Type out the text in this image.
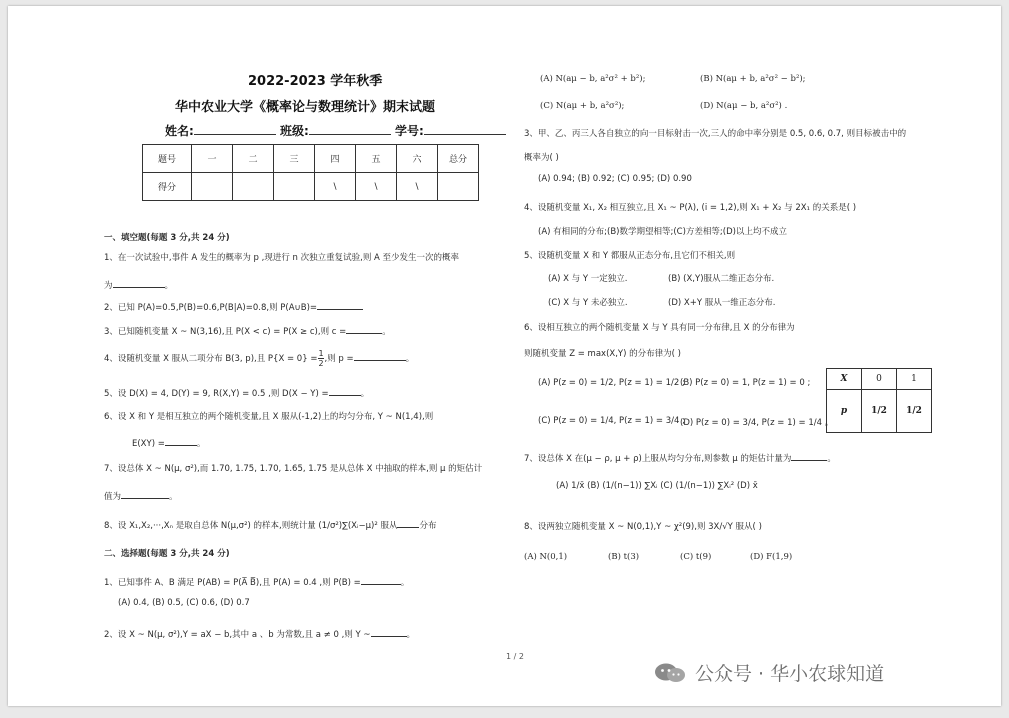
2022-2023 学年秋季
华中农业大学《概率论与数理统计》期末试题
姓名:	班级:	学号:
题号	一	二	三	四	五	六	总分
得分				\	\	\	
一、填空题(每题 3 分,共 24 分)
1、在一次试验中,事件 A 发生的概率为 p ,现进行 n 次独立重复试验,则 A 至少发生一次的概率
为	。
2、已知 P(A)=0.5,P(B)=0.6,P(B|A)=0.8,则 P(A∪B)=
3、已知随机变量 X ~ N(3,16),且 P(X < c) = P(X ≥ c),则 c =	。
4、设随机变量 X 服从二项分布 B(3, p),且 $P\{X = 0\} = \frac{1}{2}$ ,则 p =	。
5、设 D(X) = 4, D(Y) = 9, R(X,Y) = 0.5 ,则 D(X − Y) =	。
6、设 X 和 Y 是相互独立的两个随机变量,且 X 服从(-1,2)上的均匀分布, Y ~ N(1,4),则
E(XY) =	。
7、设总体 X ~ N(μ, σ²),而 1.70, 1.75, 1.70, 1.65, 1.75 是从总体 X 中抽取的样本,则 μ 的矩估计
值为	。
8、设 X₁,X₂,···,Xₙ 是取自总体 N(μ,σ²) 的样本,则统计量 (1/σ²)∑(Xᵢ−μ)² 服从	分布
二、选择题(每题 3 分,共 24 分)
1、已知事件 A、B 满足 P(AB) = P(A̅ B̅),且 P(A) = 0.4 ,则 P(B) =	。
(A) 0.4, (B) 0.5, (C) 0.6, (D) 0.7
2、设 X ~ N(μ, σ²),Y = aX − b,其中 a 、b 为常数,且 a ≠ 0 ,则 Y ~	。
(A) N(aμ − b, a²σ² + b²);	(B) N(aμ + b, a²σ² − b²);
(C) N(aμ + b, a²σ²);	(D) N(aμ − b, a²σ²) .
3、甲、乙、丙三人各自独立的向一目标射击一次,三人的命中率分别是 0.5, 0.6, 0.7, 则目标被击中的
概率为( )
(A) 0.94; (B) 0.92; (C) 0.95; (D) 0.90
4、设随机变量 X₁, X₂ 相互独立,且 X₁ ~ P(λ), (i = 1,2),则 X₁ + X₂ 与 2X₁ 的关系是( )
(A) 有相同的分布;(B)数学期望相等;(C)方差相等;(D)以上均不成立
5、设随机变量 X 和 Y 都服从正态分布,且它们不相关,则
(A) X 与 Y 一定独立.	(B) (X,Y)服从二维正态分布.
(C) X 与 Y 未必独立.	(D) X+Y 服从一维正态分布.
6、设相互独立的两个随机变量 X 与 Y 具有同一分布律,且 X 的分布律为
则随机变量 Z = max(X,Y) 的分布律为( )
(A) P(z = 0) = 1/2, P(z = 1) = 1/2 ;
(B) P(z = 0) = 1, P(z = 1) = 0 ;
(C) P(z = 0) = 1/4, P(z = 1) = 3/4 ;
(D) P(z = 0) = 3/4, P(z = 1) = 1/4 。
X	0	1
p	1/2	1/2
7、设总体 X 在(μ − ρ, μ + ρ)上服从均匀分布,则参数 μ 的矩估计量为	。
(A) 1/x̄ (B) (1/(n−1)) ∑Xᵢ (C) (1/(n−1)) ∑Xᵢ² (D) x̄
8、设两独立随机变量 X ~ N(0,1),Y ~ χ²(9),则 3X/√Y 服从( )
(A) N(0,1)	(B) t(3)	(C) t(9)	(D) F(1,9)
1 / 2
公众号 · 华小农球知道
